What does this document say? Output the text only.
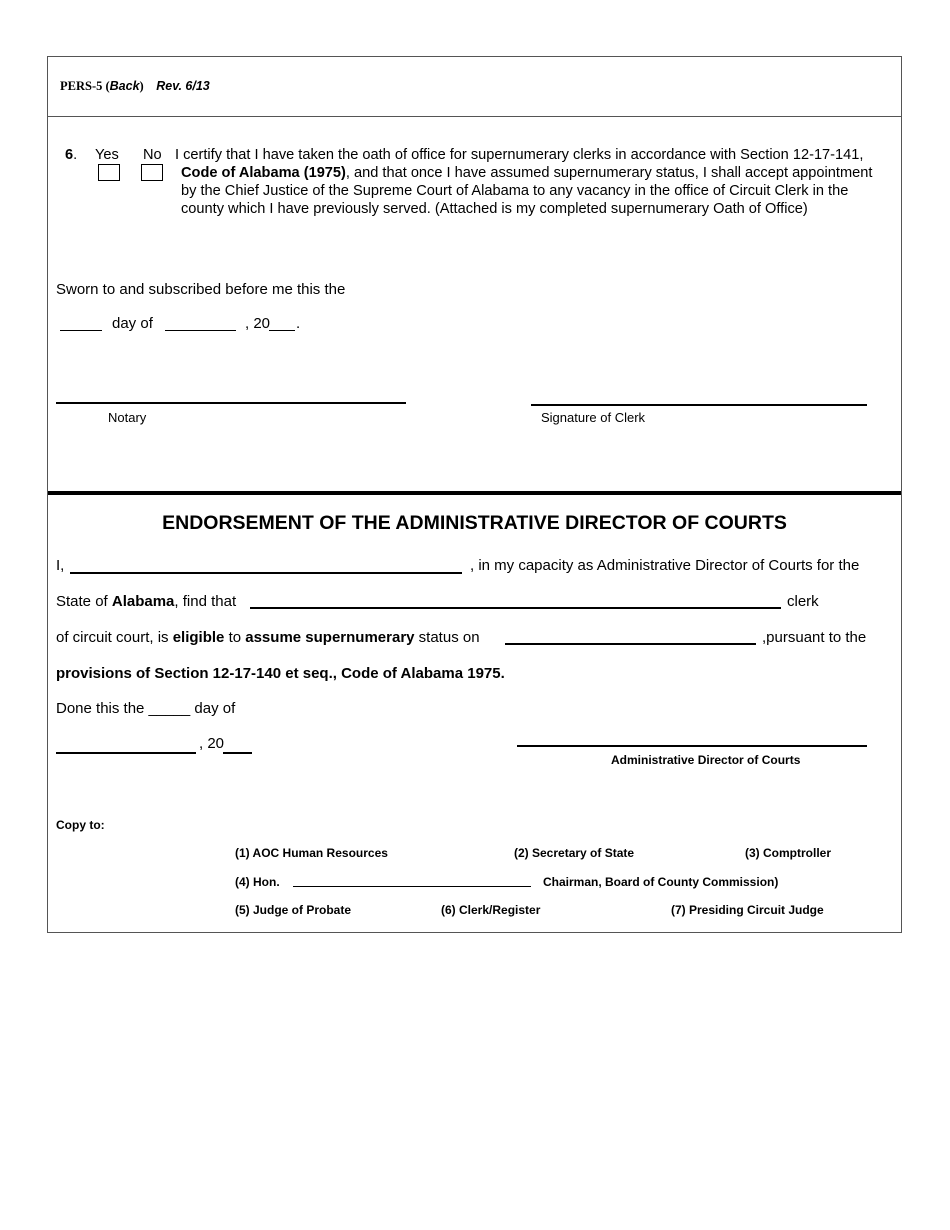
PERS-5 (Back) Rev. 6/13
6. Yes No I certify that I have taken the oath of office for supernumerary clerks in accordance with Section 12-17-141, Code of Alabama (1975), and that once I have assumed supernumerary status, I shall accept appointment by the Chief Justice of the Supreme Court of Alabama to any vacancy in the office of Circuit Clerk in the county which I have previously served. (Attached is my completed supernumerary Oath of Office)
Sworn to and subscribed before me this the
day of	, 20 .
Notary	Signature of Clerk
ENDORSEMENT OF THE ADMINISTRATIVE DIRECTOR OF COURTS
I,	, in my capacity as Administrative Director of Courts for the
State of Alabama, find that	clerk
of circuit court, is eligible to assume supernumerary status on	,pursuant to the
provisions of Section 12-17-140 et seq., Code of Alabama 1975.
Done this the _____ day of
, 20
Administrative Director of Courts
Copy to:
(1) AOC Human Resources	(2) Secretary of State	(3) Comptroller
(4) Hon.	Chairman, Board of County Commission)
(5) Judge of Probate	(6) Clerk/Register	(7) Presiding Circuit Judge
